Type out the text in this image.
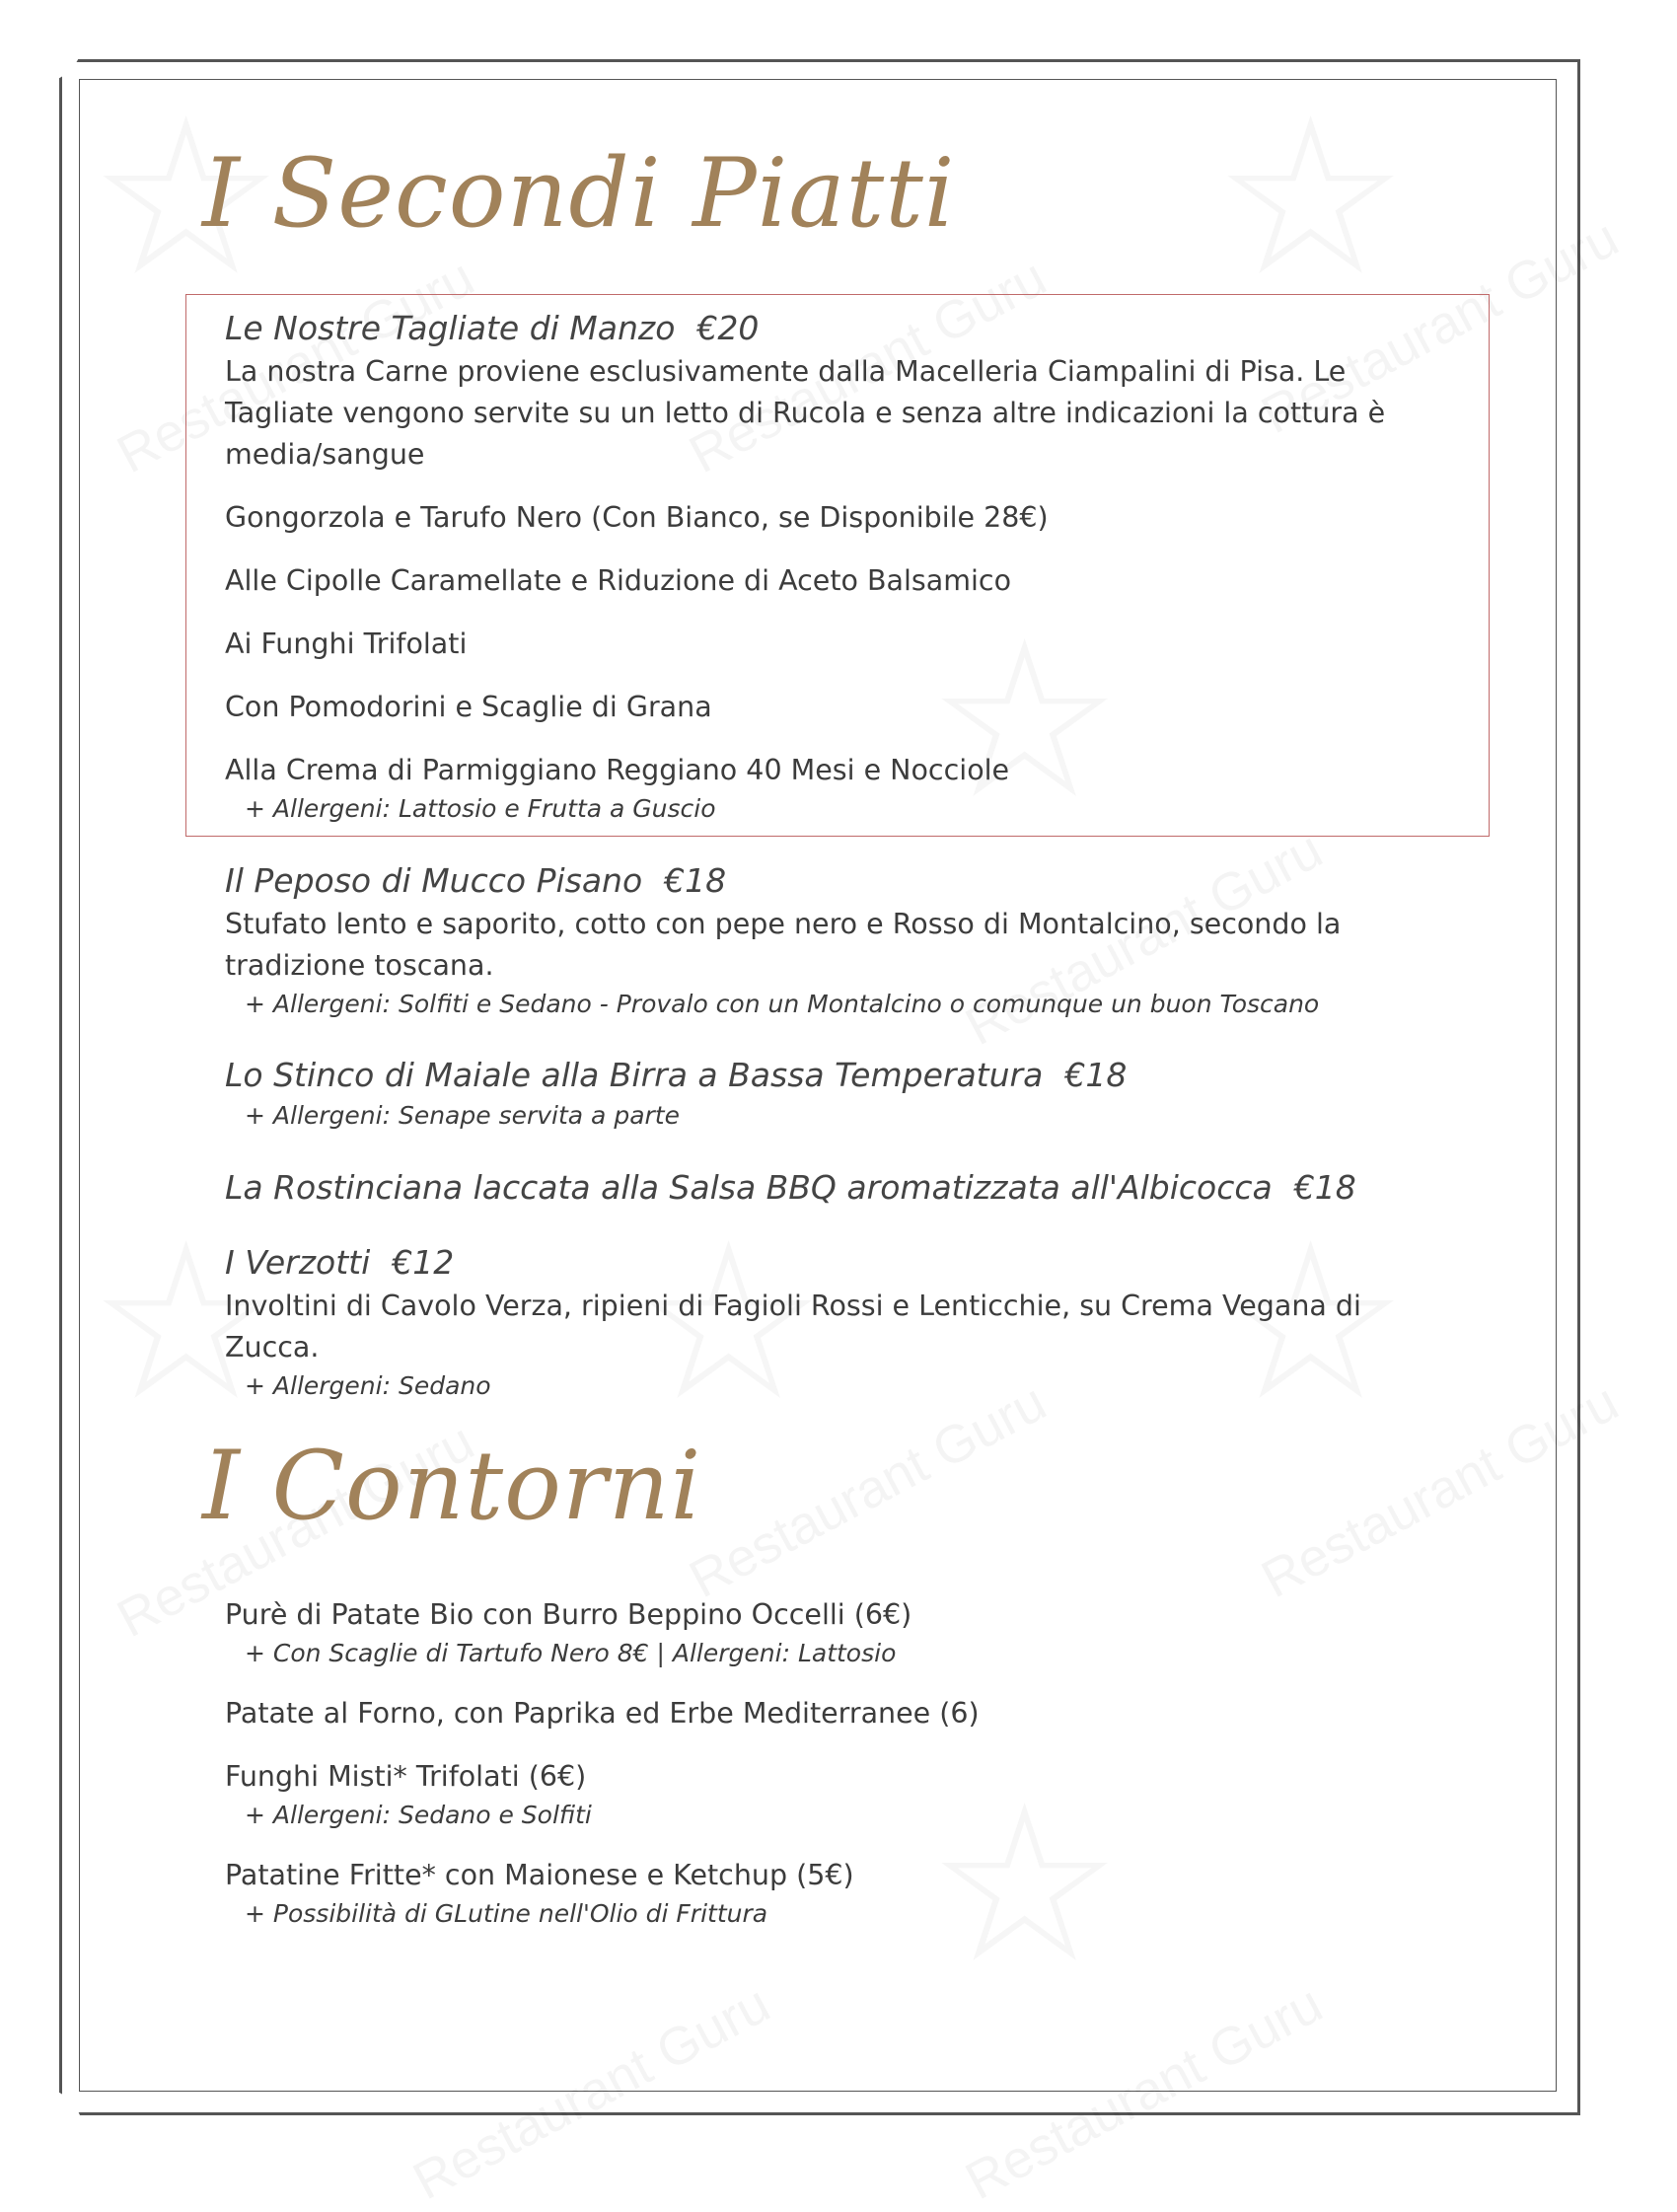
I Secondi Piatti
Le Nostre Tagliate di Manzo €20
La nostra Carne proviene esclusivamente dalla Macelleria Ciampalini di Pisa. Le Tagliate vengono servite su un letto di Rucola e senza altre indicazioni la cottura è media/sangue
Gongorzola e Tarufo Nero (Con Bianco, se Disponibile 28€)
Alle Cipolle Caramellate e Riduzione di Aceto Balsamico
Ai Funghi Trifolati
Con Pomodorini e Scaglie di Grana
Alla Crema di Parmiggiano Reggiano 40 Mesi e Nocciole
+ Allergeni: Lattosio e Frutta a Guscio
Il Peposo di Mucco Pisano €18
Stufato lento e saporito, cotto con pepe nero e Rosso di Montalcino, secondo la tradizione toscana.
+ Allergeni: Solfiti e Sedano - Provalo con un Montalcino o comunque un buon Toscano
Lo Stinco di Maiale alla Birra a Bassa Temperatura €18
+ Allergeni: Senape servita a parte
La Rostinciana laccata alla Salsa BBQ aromatizzata all'Albicocca €18
I Verzotti €12
Involtini di Cavolo Verza, ripieni di Fagioli Rossi e Lenticchie, su Crema Vegana di Zucca.
+ Allergeni: Sedano
I Contorni
Purè di Patate Bio con Burro Beppino Occelli (6€)
+ Con Scaglie di Tartufo Nero 8€ | Allergeni: Lattosio
Patate al Forno, con Paprika ed Erbe Mediterranee (6)
Funghi Misti* Trifolati (6€)
+ Allergeni: Sedano e Solfiti
Patatine Fritte* con Maionese e Ketchup (5€)
+ Possibilità di GLutine nell'Olio di Frittura
